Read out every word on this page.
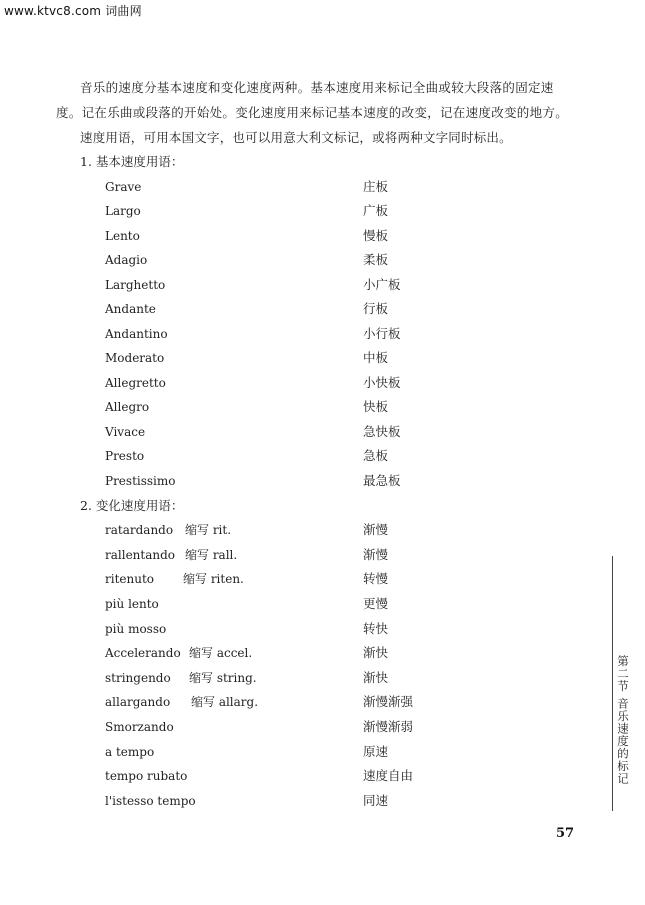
www.ktvc8.com 词曲网
音乐的速度分基本速度和变化速度两种。基本速度用来标记全曲或较大段落的固定速
度。记在乐曲或段落的开始处。变化速度用来标记基本速度的改变，记在速度改变的地方。
速度用语，可用本国文字，也可以用意大利文标记，或将两种文字同时标出。
1. 基本速度用语：
Grave	庄板
Largo	广板
Lento	慢板
Adagio	柔板
Larghetto	小广板
Andante	行板
Andantino	小行板
Moderato	中板
Allegretto	小快板
Allegro	快板
Vivace	急快板
Presto	急板
Prestissimo	最急板
2. 变化速度用语：
ratardando 缩写 rit.	渐慢
rallentando 缩写 rall.	渐慢
ritenuto 缩写 riten.	转慢
più lento	更慢
più mosso	转快
Accelerando 缩写 accel.	渐快
stringendo 缩写 string.	渐快
allargando 缩写 allarg.	渐慢渐强
Smorzando	渐慢渐弱
a tempo	原速
tempo rubato	速度自由
l'istesso tempo	同速
第二节 音乐速度的标记
57
